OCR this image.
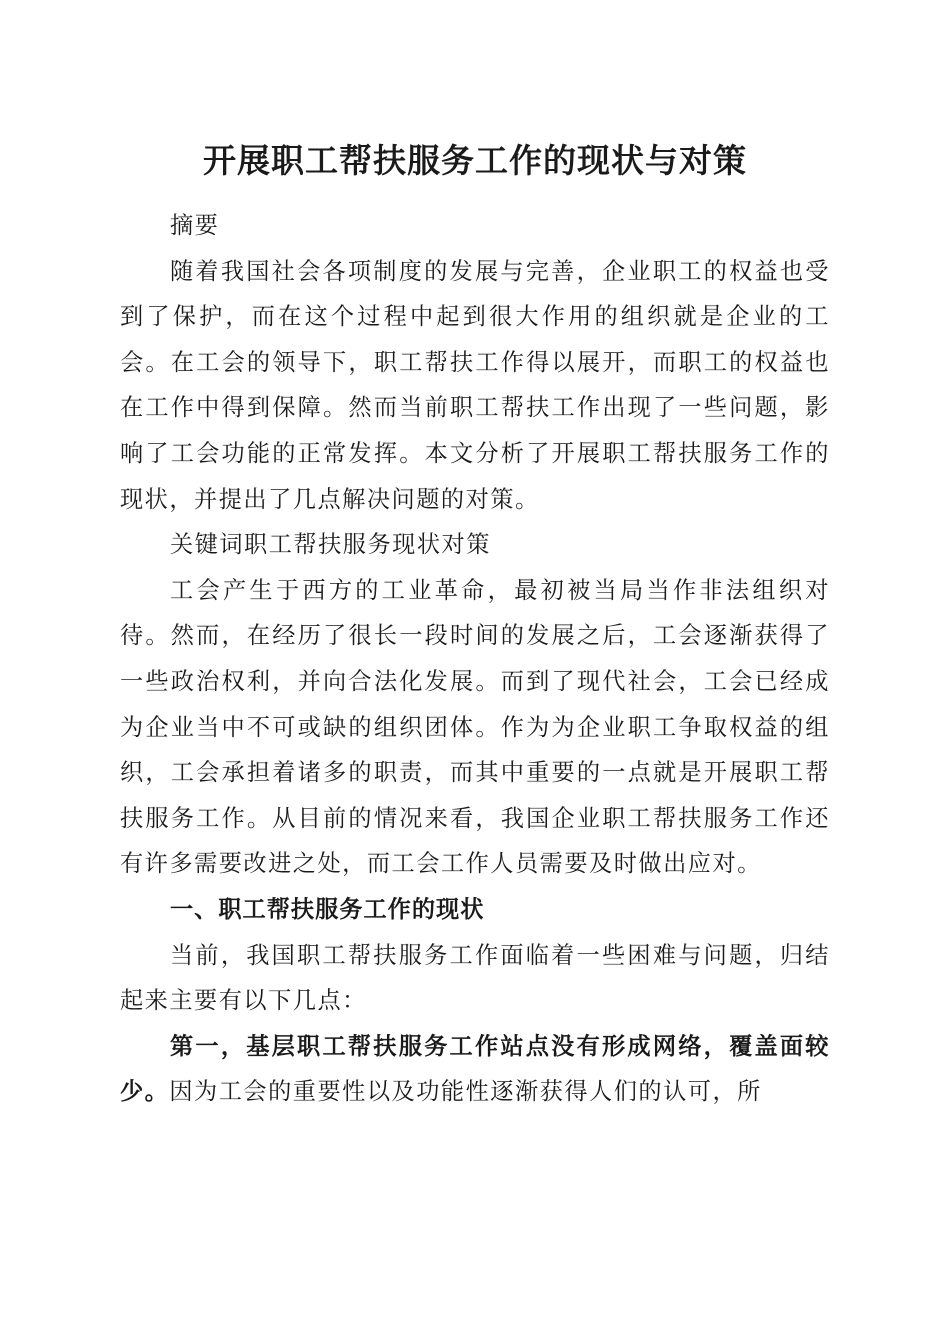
开展职工帮扶服务工作的现状与对策

摘要

随着我国社会各项制度的发展与完善，企业职工的权益也受到了保护，而在这个过程中起到很大作用的组织就是企业的工会。在工会的领导下，职工帮扶工作得以展开，而职工的权益也在工作中得到保障。然而当前职工帮扶工作出现了一些问题，影响了工会功能的正常发挥。本文分析了开展职工帮扶服务工作的现状，并提出了几点解决问题的对策。

关键词职工帮扶服务现状对策

工会产生于西方的工业革命，最初被当局当作非法组织对待。然而，在经历了很长一段时间的发展之后，工会逐渐获得了一些政治权利，并向合法化发展。而到了现代社会，工会已经成为企业当中不可或缺的组织团体。作为为企业职工争取权益的组织，工会承担着诸多的职责，而其中重要的一点就是开展职工帮扶服务工作。从目前的情况来看，我国企业职工帮扶服务工作还有许多需要改进之处，而工会工作人员需要及时做出应对。

一、职工帮扶服务工作的现状

当前，我国职工帮扶服务工作面临着一些困难与问题，归结起来主要有以下几点：

第一，基层职工帮扶服务工作站点没有形成网络，覆盖面较少。因为工会的重要性以及功能性逐渐获得人们的认可，所
